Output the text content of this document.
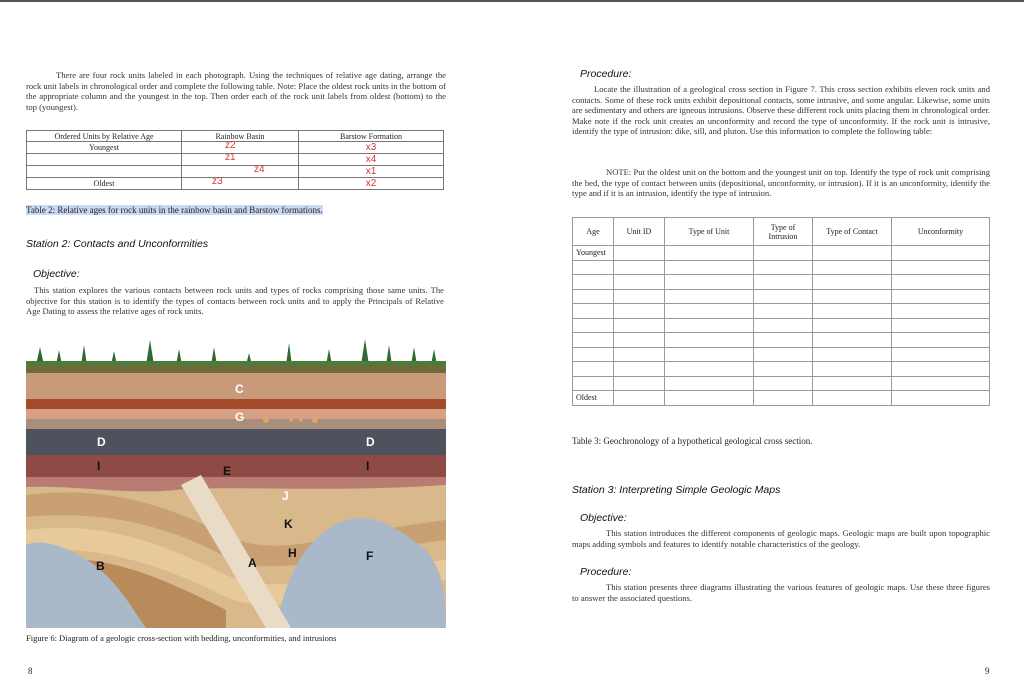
There are four rock units labeled in each photograph. Using the techniques of relative age dating, arrange the rock unit labels in chronological order and complete the following table. Note: Place the oldest rock units in the bottom of the appropriate column and the youngest in the top. Then order each of the rock unit labels from oldest (bottom) to the top (youngest).
Ordered Units by Relative Age	Rainbow Basin	Barstow Formation
Youngest	z2	x3

	z1	x4

	z4	x1
Oldest	z3	x2
Table 2: Relative ages for rock units in the rainbow basin and Barstow formations.
Station 2: Contacts and Unconformities
Objective:
This station explores the various contacts between rock units and types of rocks comprising those same units. The objective for this station is to identify the types of contacts between rock units and to apply the Principals of Relative Age Dating to assess the relative ages of rock units.
C
G
D	D
I	I
E
J
K
H
B	A	F
Figure 6: Diagram of a geologic cross-section with bedding, unconformities, and intrusions
8
Procedure:
Locate the illustration of a geological cross section in Figure 7. This cross section exhibits eleven rock units and contacts. Some of these rock units exhibit depositional contacts, some intrusive, and some angular. Likewise, some units are sedimentary and others are igneous intrusions. Observe these different rock units placing them in chronological order. Make note if the rock unit creates an unconformity and record the type of unconformity. If the rock unit is intrusive, identify the type of intrusion: dike, sill, and pluton. Use this information to complete the following table:
NOTE: Put the oldest unit on the bottom and the youngest unit on top. Identify the type of rock unit comprising the bed, the type of contact between units (depositional, unconformity, or intrusion). If it is an unconformity, identify the type and if it is an intrusion, identify the type of intrusion.
Age	Unit ID	Type of Unit	Type of Intrusion	Type of Contact	Unconformity
Youngest					

Oldest					
Table 3: Geochronology of a hypothetical geological cross section.
Station 3: Interpreting Simple Geologic Maps
Objective:
This station introduces the different components of geologic maps. Geologic maps are built upon topographic maps adding symbols and features to identify notable characteristics of the geology.
Procedure:
This station presents three diagrams illustrating the various features of geologic maps. Use these three figures to answer the associated questions.
9
